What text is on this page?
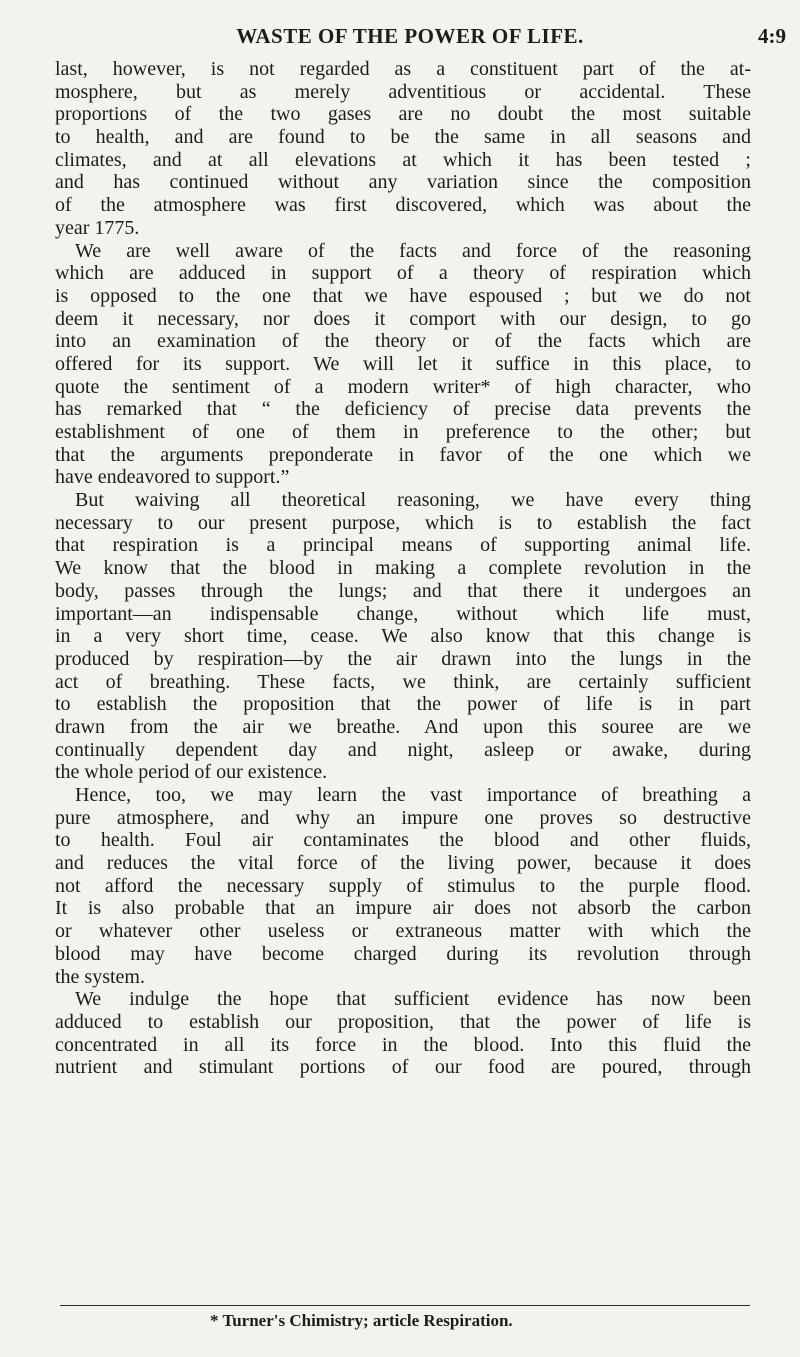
WASTE OF THE POWER OF LIFE.	4:9
last, however, is not regarded as a constituent part of the at-
mosphere, but as merely adventitious or accidental. These
proportions of the two gases are no doubt the most suitable
to health, and are found to be the same in all seasons and
climates, and at all elevations at which it has been tested ;
and has continued without any variation since the composition
of the atmosphere was first discovered, which was about the
year 1775.
We are well aware of the facts and force of the reasoning
which are adduced in support of a theory of respiration which
is opposed to the one that we have espoused ; but we do not
deem it necessary, nor does it comport with our design, to go
into an examination of the theory or of the facts which are
offered for its support. We will let it suffice in this place, to
quote the sentiment of a modern writer* of high character, who
has remarked that “ the deficiency of precise data prevents the
establishment of one of them in preference to the other; but
that the arguments preponderate in favor of the one which we
have endeavored to support.”
But waiving all theoretical reasoning, we have every thing
necessary to our present purpose, which is to establish the fact
that respiration is a principal means of supporting animal life.
We know that the blood in making a complete revolution in the
body, passes through the lungs; and that there it undergoes an
important—an indispensable change, without which life must,
in a very short time, cease. We also know that this change is
produced by respiration—by the air drawn into the lungs in the
act of breathing. These facts, we think, are certainly sufficient
to establish the proposition that the power of life is in part
drawn from the air we breathe. And upon this souree are we
continually dependent day and night, asleep or awake, during
the whole period of our existence.
Hence, too, we may learn the vast importance of breathing a
pure atmosphere, and why an impure one proves so destructive
to health. Foul air contaminates the blood and other fluids,
and reduces the vital force of the living power, because it does
not afford the necessary supply of stimulus to the purple flood.
It is also probable that an impure air does not absorb the carbon
or whatever other useless or extraneous matter with which the
blood may have become charged during its revolution through
the system.
We indulge the hope that sufficient evidence has now been
adduced to establish our proposition, that the power of life is
concentrated in all its force in the blood. Into this fluid the
nutrient and stimulant portions of our food are poured, through
* Turner's Chimistry; article Respiration.
